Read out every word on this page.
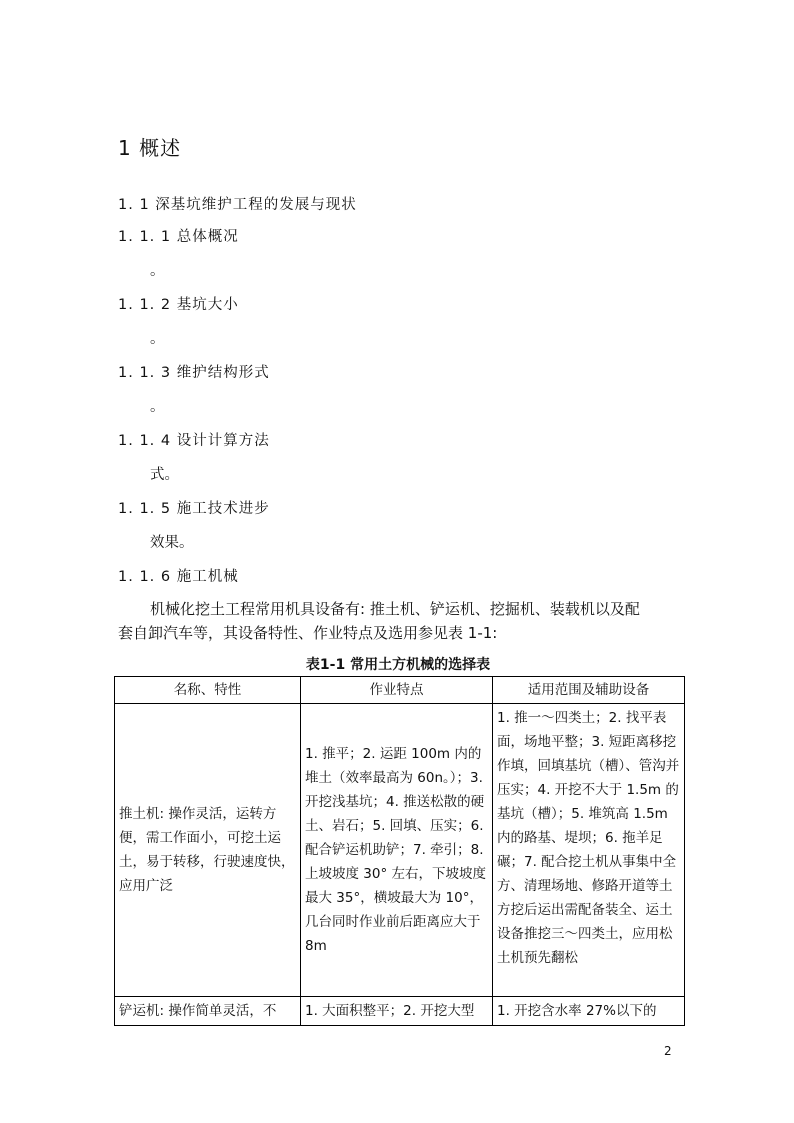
1 概述
1. 1 深基坑维护工程的发展与现状
1. 1. 1 总体概况
。
1. 1. 2 基坑大小
。
1. 1. 3 维护结构形式
。
1. 1. 4 设计计算方法
式。
1. 1. 5 施工技术进步
效果。
1. 1. 6 施工机械

机械化挖土工程常用机具设备有: 推土机、铲运机、挖掘机、装载机以及配

套自卸汽车等，其设备特性、作业特点及选用参见表 1-1:

表1-1 常用土方机械的选择表
名称、特性	作业特点	适用范围及辅助设备
推土机: 操作灵活，运转方便，需工作面小，可挖土运土，易于转移，行驶速度快，应用广泛	1. 推平；2. 运距 100m 内的堆土（效率最高为 60n。）；3. 开挖浅基坑；4. 推送松散的硬土、岩石；5. 回填、压实；6. 配合铲运机助铲；7. 牵引；8. 上坡坡度 30° 左右，下坡坡度最大 35°，横坡最大为 10°，几台同时作业前后距离应大于 8m	1. 推一～四类土；2. 找平表面，场地平整；3. 短距离移挖作填，回填基坑（槽）、管沟并压实；4. 开挖不大于 1.5m 的基坑（槽）；5. 堆筑高 1.5m 内的路基、堤坝；6. 拖羊足碾；7. 配合挖土机从事集中全方、清理场地、修路开道等土方挖后运出需配备装全、运土设备推挖三～四类土，应用松土机预先翻松

铲运机: 操作简单灵活，不	1. 大面积整平；2. 开挖大型	1. 开挖含水率 27%以下的
2
